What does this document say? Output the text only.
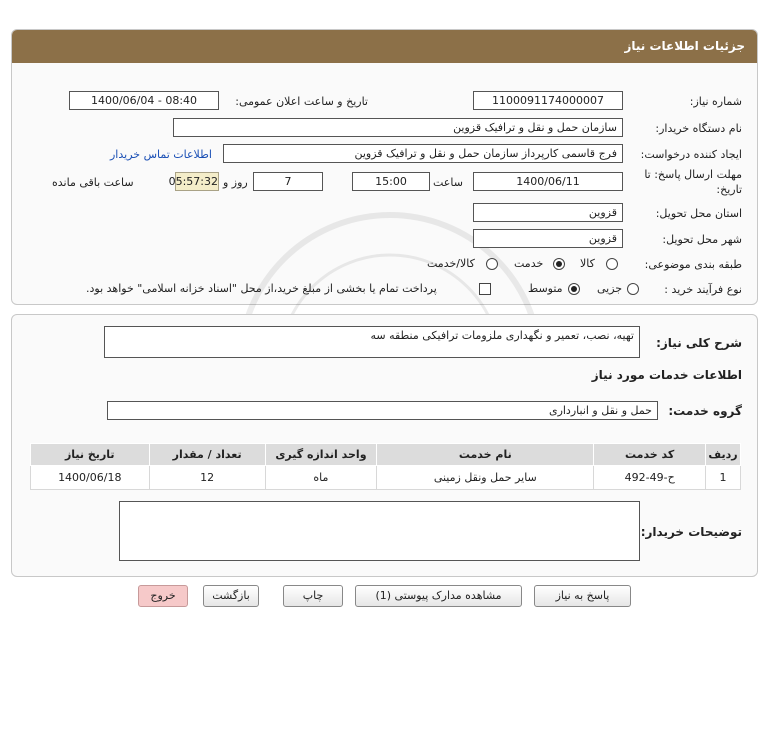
جزئیات اطلاعات نیاز
شماره نیاز:
1100091174000007
تاریخ و ساعت اعلان عمومی:
1400/06/04 - 08:40
نام دستگاه خریدار:
سازمان حمل و نقل و ترافیک قزوین
ایجاد کننده درخواست:
فرج قاسمی کارپرداز سازمان حمل و نقل و ترافیک قزوین
اطلاعات تماس خریدار
مهلت ارسال پاسخ: تا
تاریخ:
1400/06/11
ساعت
15:00
7
روز و
05:57:32
ساعت باقی مانده
استان محل تحویل:
قزوین
شهر محل تحویل:
قزوین
طبقه بندی موضوعی:
کالا
خدمت
کالا/خدمت
نوع فرآیند خرید :
جزیی
متوسط
پرداخت تمام یا بخشی از مبلغ خرید،از محل "اسناد خزانه اسلامی" خواهد بود.
شرح کلی نیاز:
تهیه، نصب، تعمیر و نگهداری ملزومات ترافیکی منطقه سه
اطلاعات خدمات مورد نیاز
گروه خدمت:
حمل و نقل و انبارداری
ردیف	کد خدمت	نام خدمت	واحد اندازه گیری	تعداد / مقدار	تاریخ نیاز
1	ح-49-492	سایر حمل ونقل زمینی	ماه	12	1400/06/18
توضیحات خریدار:
پاسخ به نیاز
مشاهده مدارک پیوستی (1)
چاپ
بازگشت
خروج
